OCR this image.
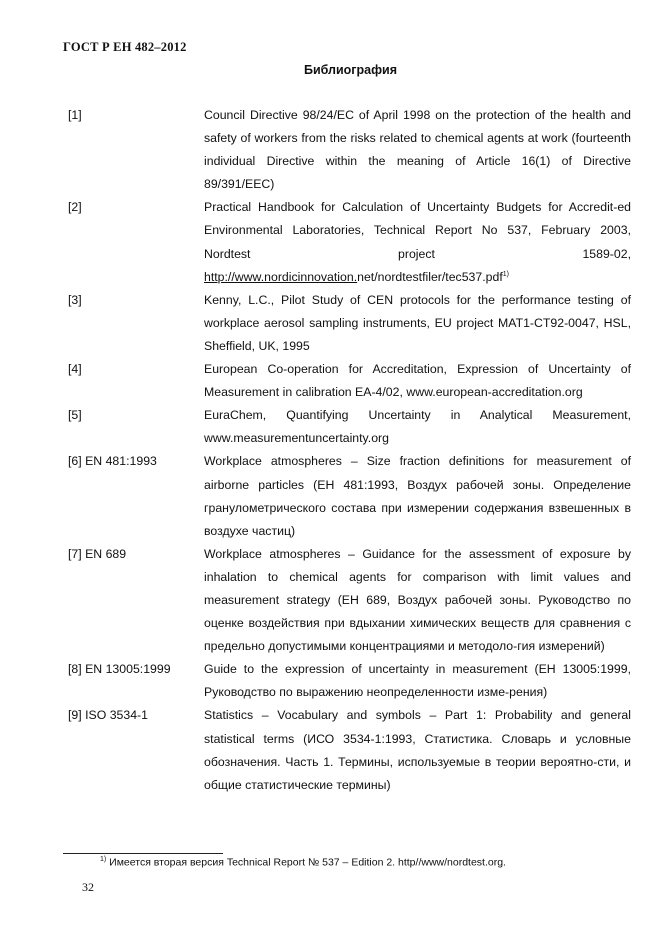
ГОСТ Р ЕН 482–2012
Библиография
[1]	Council Directive 98/24/EC of April 1998 on the protection of the health and safety of workers from the risks related to chemical agents at work (fourteenth individual Directive within the meaning of Article 16(1) of Directive 89/391/EEC)
[2]	Practical Handbook for Calculation of Uncertainty Budgets for Accredit-ed Environmental Laboratories, Technical Report No 537, February 2003, Nordtest project 1589-02, http://www.nordicinnovation.net/nordtestfiler/tec537.pdf$^{1)}$
[3]	Kenny, L.C., Pilot Study of CEN protocols for the performance testing of workplace aerosol sampling instruments, EU project MAT1-CT92-0047, HSL, Sheffield, UK, 1995
[4]	European Co-operation for Accreditation, Expression of Uncertainty of Measurement in calibration EA-4/02, www.european-accreditation.org
[5]	EuraChem, Quantifying Uncertainty in Analytical Measurement, www.measurementuncertainty.org
[6] EN 481:1993	Workplace atmospheres – Size fraction definitions for measurement of airborne particles (ЕН 481:1993, Воздух рабочей зоны. Определение гранулометрического состава при измерении содержания взвешенных в воздухе частиц)
[7] EN 689	Workplace atmospheres – Guidance for the assessment of exposure by inhalation to chemical agents for comparison with limit values and measurement strategy (ЕН 689, Воздух рабочей зоны. Руководство по оценке воздействия при вдыхании химических веществ для сравнения с предельно допустимыми концентрациями и методоло-гия измерений)
[8] EN 13005:1999	Guide to the expression of uncertainty in measurement (ЕН 13005:1999, Руководство по выражению неопределенности изме-рения)
[9] ISO 3534-1	Statistics – Vocabulary and symbols – Part 1: Probability and general statistical terms (ИСО 3534-1:1993, Статистика. Словарь и условные обозначения. Часть 1. Термины, используемые в теории вероятно-сти, и общие статистические термины)
$^{1)}$ Имеется вторая версия Technical Report № 537 – Edition 2. http//www/nordtest.org.
32
